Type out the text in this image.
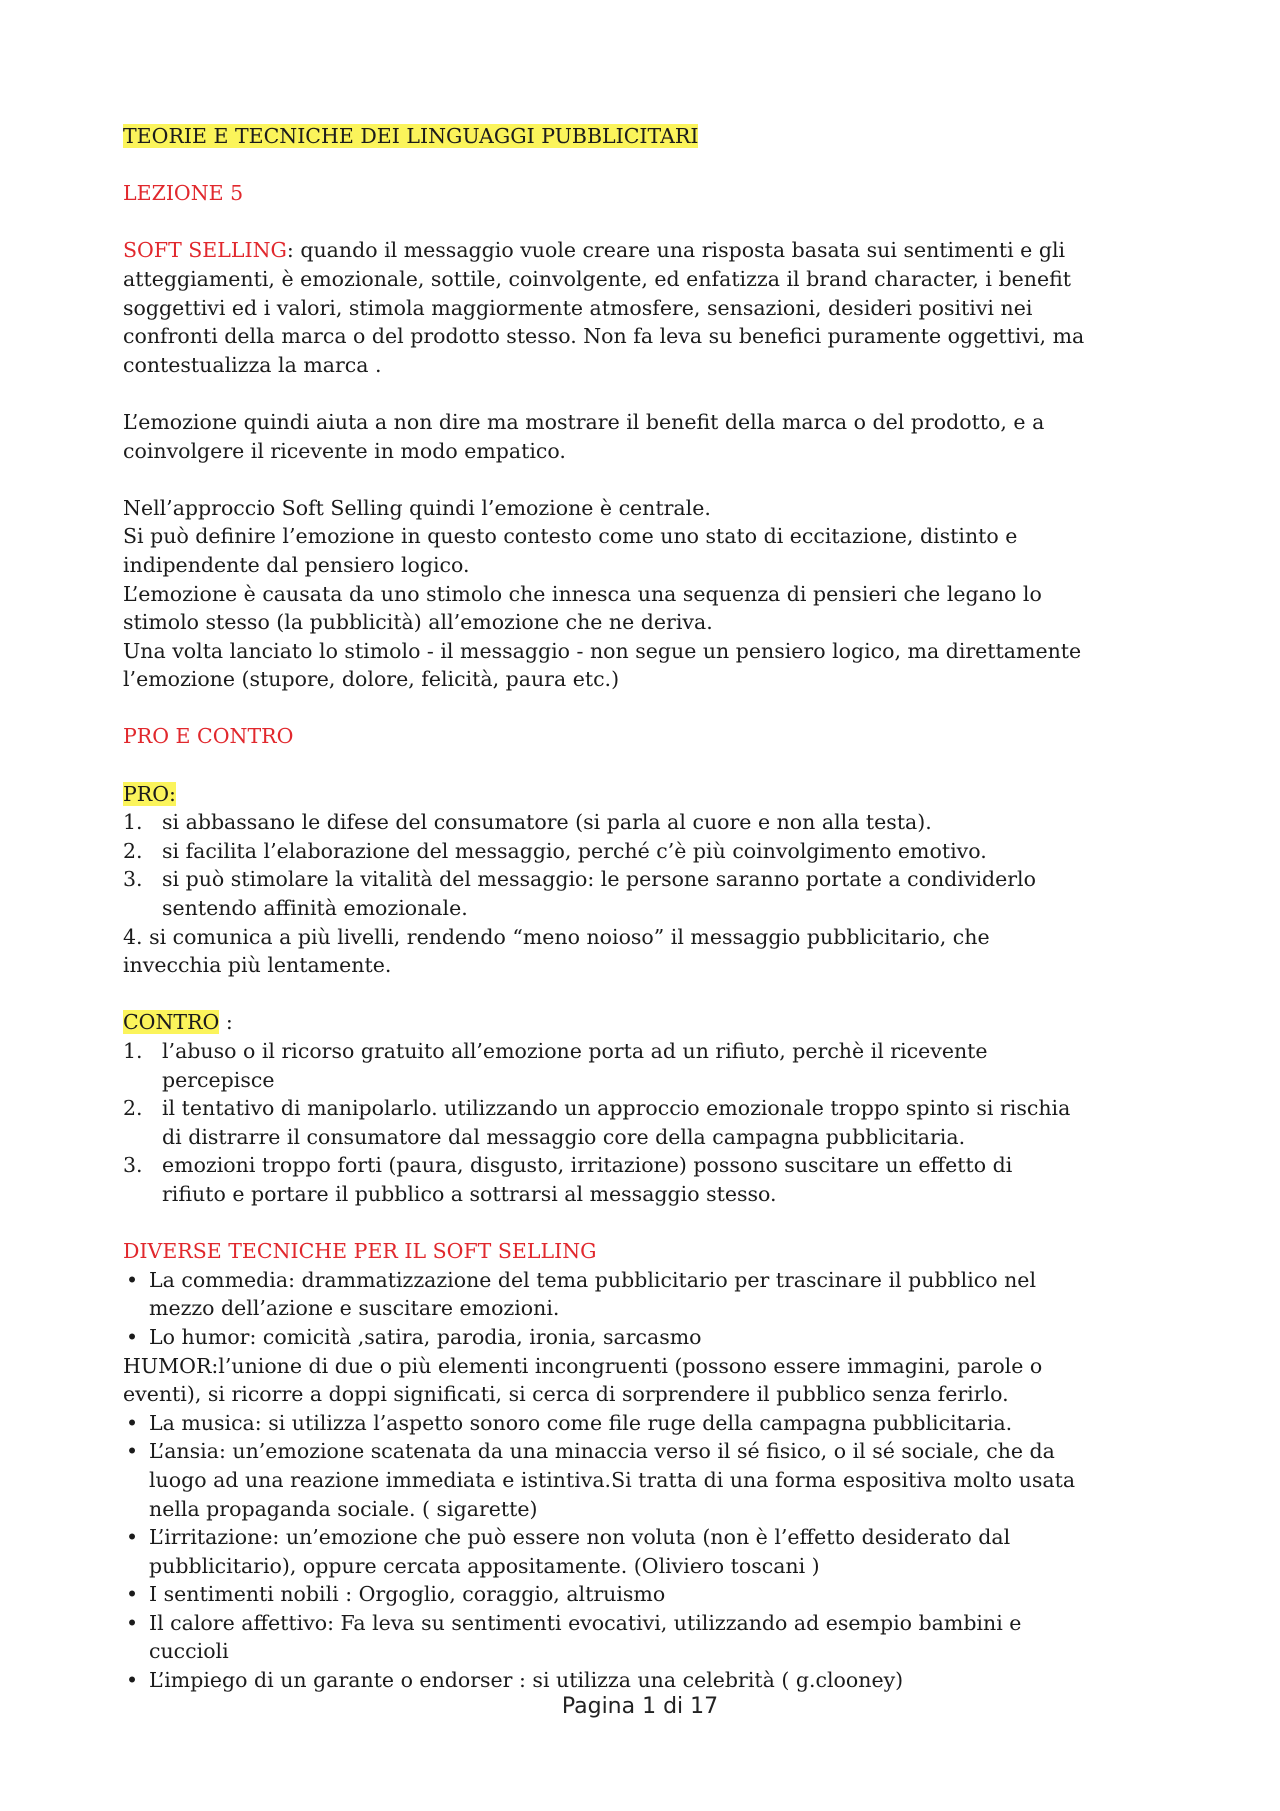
TEORIE E TECNICHE DEI LINGUAGGI PUBBLICITARI
LEZIONE 5
SOFT SELLING: quando il messaggio vuole creare una risposta basata sui sentimenti e gli
atteggiamenti, è emozionale, sottile, coinvolgente, ed enfatizza il brand character, i benefit
soggettivi ed i valori, stimola maggiormente atmosfere, sensazioni, desideri positivi nei
confronti della marca o del prodotto stesso. Non fa leva su benefici puramente oggettivi, ma
contestualizza la marca .
L’emozione quindi aiuta a non dire ma mostrare il benefit della marca o del prodotto, e a
coinvolgere il ricevente in modo empatico.
Nell’approccio Soft Selling quindi l’emozione è centrale.
Si può definire l’emozione in questo contesto come uno stato di eccitazione, distinto e
indipendente dal pensiero logico.
L’emozione è causata da uno stimolo che innesca una sequenza di pensieri che legano lo
stimolo stesso (la pubblicità) all’emozione che ne deriva.
Una volta lanciato lo stimolo - il messaggio - non segue un pensiero logico, ma direttamente
l’emozione (stupore, dolore, felicità, paura etc.)
PRO E CONTRO
PRO:
1. si abbassano le difese del consumatore (si parla al cuore e non alla testa).
2. si facilita l’elaborazione del messaggio, perché c’è più coinvolgimento emotivo.
3. si può stimolare la vitalità del messaggio: le persone saranno portate a condividerlo
sentendo affinità emozionale.
4. si comunica a più livelli, rendendo “meno noioso” il messaggio pubblicitario, che
invecchia più lentamente.
CONTRO :
1. l’abuso o il ricorso gratuito all’emozione porta ad un rifiuto, perchè il ricevente
percepisce
2. il tentativo di manipolarlo. utilizzando un approccio emozionale troppo spinto si rischia
di distrarre il consumatore dal messaggio core della campagna pubblicitaria.
3. emozioni troppo forti (paura, disgusto, irritazione) possono suscitare un effetto di
rifiuto e portare il pubblico a sottrarsi al messaggio stesso.
DIVERSE TECNICHE PER IL SOFT SELLING
• La commedia: drammatizzazione del tema pubblicitario per trascinare il pubblico nel
mezzo dell’azione e suscitare emozioni.
• Lo humor: comicità ,satira, parodia, ironia, sarcasmo
HUMOR:l’unione di due o più elementi incongruenti (possono essere immagini, parole o
eventi), si ricorre a doppi significati, si cerca di sorprendere il pubblico senza ferirlo.
• La musica: si utilizza l’aspetto sonoro come file ruge della campagna pubblicitaria.
• L’ansia: un’emozione scatenata da una minaccia verso il sé fisico, o il sé sociale, che da
luogo ad una reazione immediata e istintiva.Si tratta di una forma espositiva molto usata
nella propaganda sociale. ( sigarette)
• L’irritazione: un’emozione che può essere non voluta (non è l’effetto desiderato dal
pubblicitario), oppure cercata appositamente. (Oliviero toscani )
• I sentimenti nobili : Orgoglio, coraggio, altruismo
• Il calore affettivo: Fa leva su sentimenti evocativi, utilizzando ad esempio bambini e
cuccioli
• L’impiego di un garante o endorser : si utilizza una celebrità ( g.clooney)
Pagina 1 di 17
